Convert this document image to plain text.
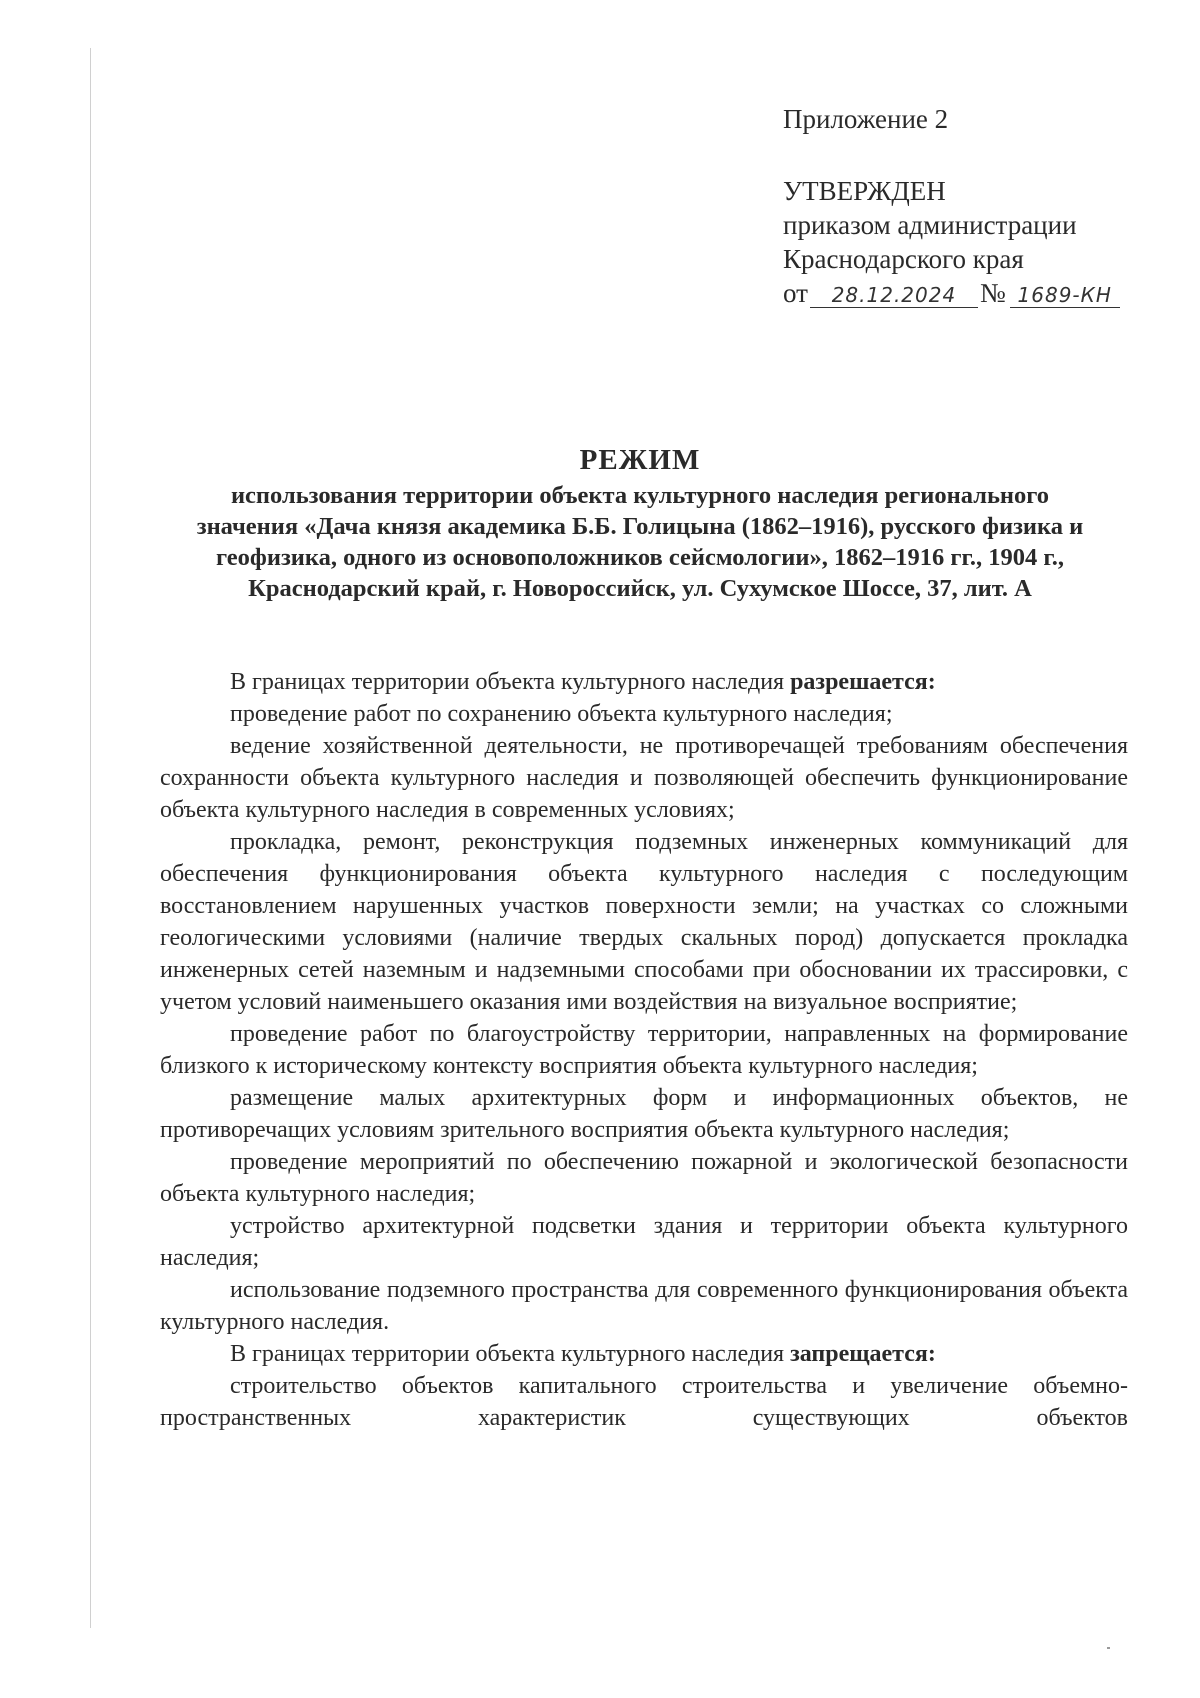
Приложение 2
УТВЕРЖДЕН
приказом администрации
Краснодарского края
от 28.12.2024 № 1689-КН
РЕЖИМ
использования территории объекта культурного наследия регионального значения «Дача князя академика Б.Б. Голицына (1862–1916), русского физика и геофизика, одного из основоположников сейсмологии», 1862–1916 гг., 1904 г., Краснодарский край, г. Новороссийск, ул. Сухумское Шоссе, 37, лит. А

В границах территории объекта культурного наследия разрешается:

проведение работ по сохранению объекта культурного наследия;

ведение хозяйственной деятельности, не противоречащей требованиям обеспечения сохранности объекта культурного наследия и позволяющей обеспечить функционирование объекта культурного наследия в современных условиях;

прокладка, ремонт, реконструкция подземных инженерных коммуникаций для обеспечения функционирования объекта культурного наследия с последующим восстановлением нарушенных участков поверхности земли; на участках со сложными геологическими условиями (наличие твердых скальных пород) допускается прокладка инженерных сетей наземным и надземными способами при обосновании их трассировки, с учетом условий наименьшего оказания ими воздействия на визуальное восприятие;

проведение работ по благоустройству территории, направленных на формирование близкого к историческому контексту восприятия объекта культурного наследия;

размещение малых архитектурных форм и информационных объектов, не противоречащих условиям зрительного восприятия объекта культурного наследия;

проведение мероприятий по обеспечению пожарной и экологической безопасности объекта культурного наследия;

устройство архитектурной подсветки здания и территории объекта культурного наследия;

использование подземного пространства для современного функционирования объекта культурного наследия.

В границах территории объекта культурного наследия запрещается:

строительство объектов капитального строительства и увеличение объемно-пространственных характеристик существующих объектов
